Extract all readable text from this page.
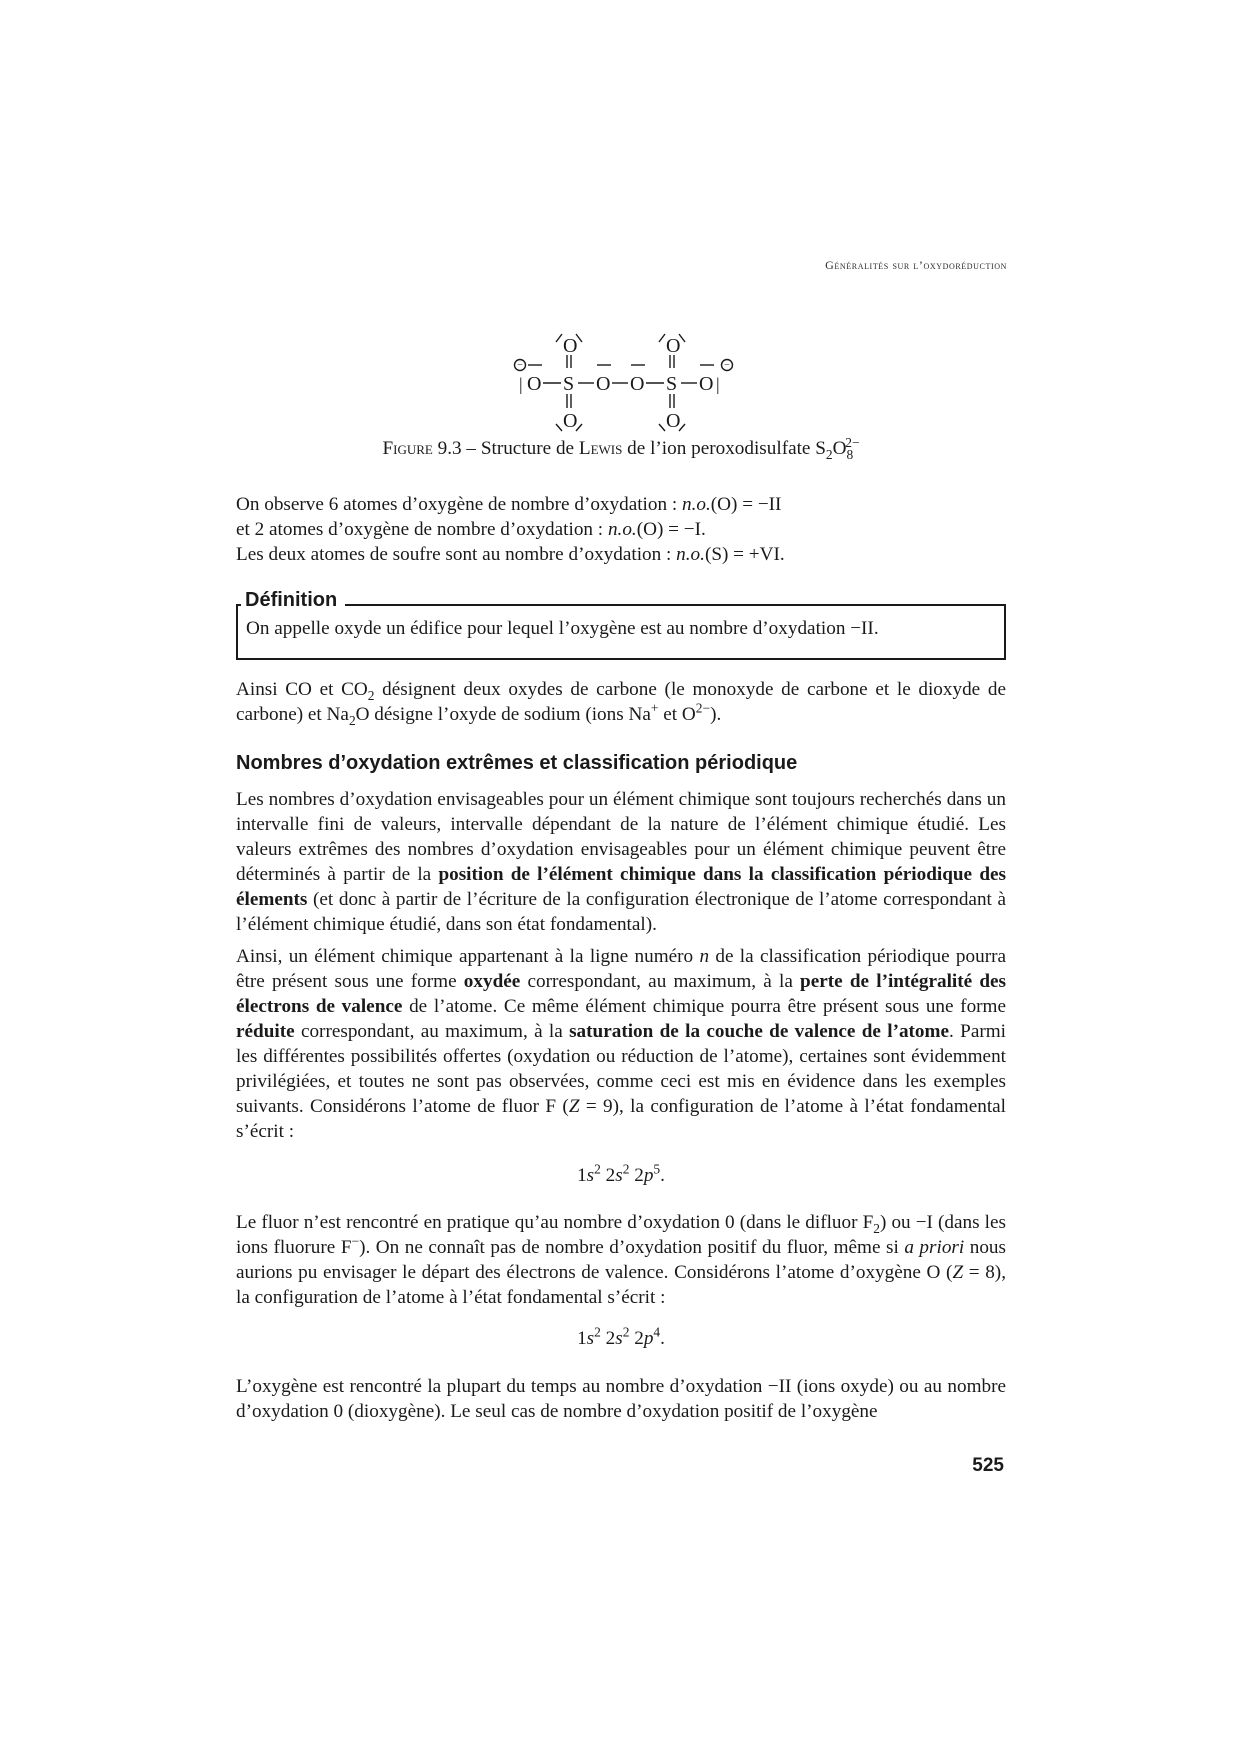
Généralités sur l’oxydoréduction
O S O O S O
O	O
O	O
|	|
−	−
Figure 9.3 – Structure de Lewis de l’ion peroxodisulfate $S_2O_8^{2-}$

On observe 6 atomes d’oxygène de nombre d’oxydation : n.o.(O) = −II

et 2 atomes d’oxygène de nombre d’oxydation : n.o.(O) = −I.

Les deux atomes de soufre sont au nombre d’oxydation : n.o.(S) = +VI.

Définition
On appelle oxyde un édifice pour lequel l’oxygène est au nombre d’oxydation −II.

Ainsi CO et $CO_2$ désignent deux oxydes de carbone (le monoxyde de carbone et le dioxyde de carbone) et $Na_2O$ désigne l’oxyde de sodium (ions Na+ et $O^{2-}$).

Nombres d’oxydation extrêmes et classification périodique

Les nombres d’oxydation envisageables pour un élément chimique sont toujours recherchés dans un intervalle fini de valeurs, intervalle dépendant de la nature de l’élément chimique étudié. Les valeurs extrêmes des nombres d’oxydation envisageables pour un élément chimique peuvent être déterminés à partir de la position de l’élément chimique dans la classification périodique des élements (et donc à partir de l’écriture de la configuration électronique de l’atome correspondant à l’élément chimique étudié, dans son état fondamental).

Ainsi, un élément chimique appartenant à la ligne numéro n de la classification périodique pourra être présent sous une forme oxydée correspondant, au maximum, à la perte de l’intégralité des électrons de valence de l’atome. Ce même élément chimique pourra être présent sous une forme réduite correspondant, au maximum, à la saturation de la couche de valence de l’atome. Parmi les différentes possibilités offertes (oxydation ou réduction de l’atome), certaines sont évidemment privilégiées, et toutes ne sont pas observées, comme ceci est mis en évidence dans les exemples suivants. Considérons l’atome de fluor F (Z = 9), la configuration de l’atome à l’état fondamental s’écrit :

$1s^2$ $2s^2$ $2p^5$.

Le fluor n’est rencontré en pratique qu’au nombre d’oxydation 0 (dans le difluor $F_2$) ou −I (dans les ions fluorure F−). On ne connaît pas de nombre d’oxydation positif du fluor, même si a priori nous aurions pu envisager le départ des électrons de valence. Considérons l’atome d’oxygène O (Z = 8), la configuration de l’atome à l’état fondamental s’écrit :

$1s^2$ $2s^2$ $2p^4$.

L’oxygène est rencontré la plupart du temps au nombre d’oxydation −II (ions oxyde) ou au nombre d’oxydation 0 (dioxygène). Le seul cas de nombre d’oxydation positif de l’oxygène

525
